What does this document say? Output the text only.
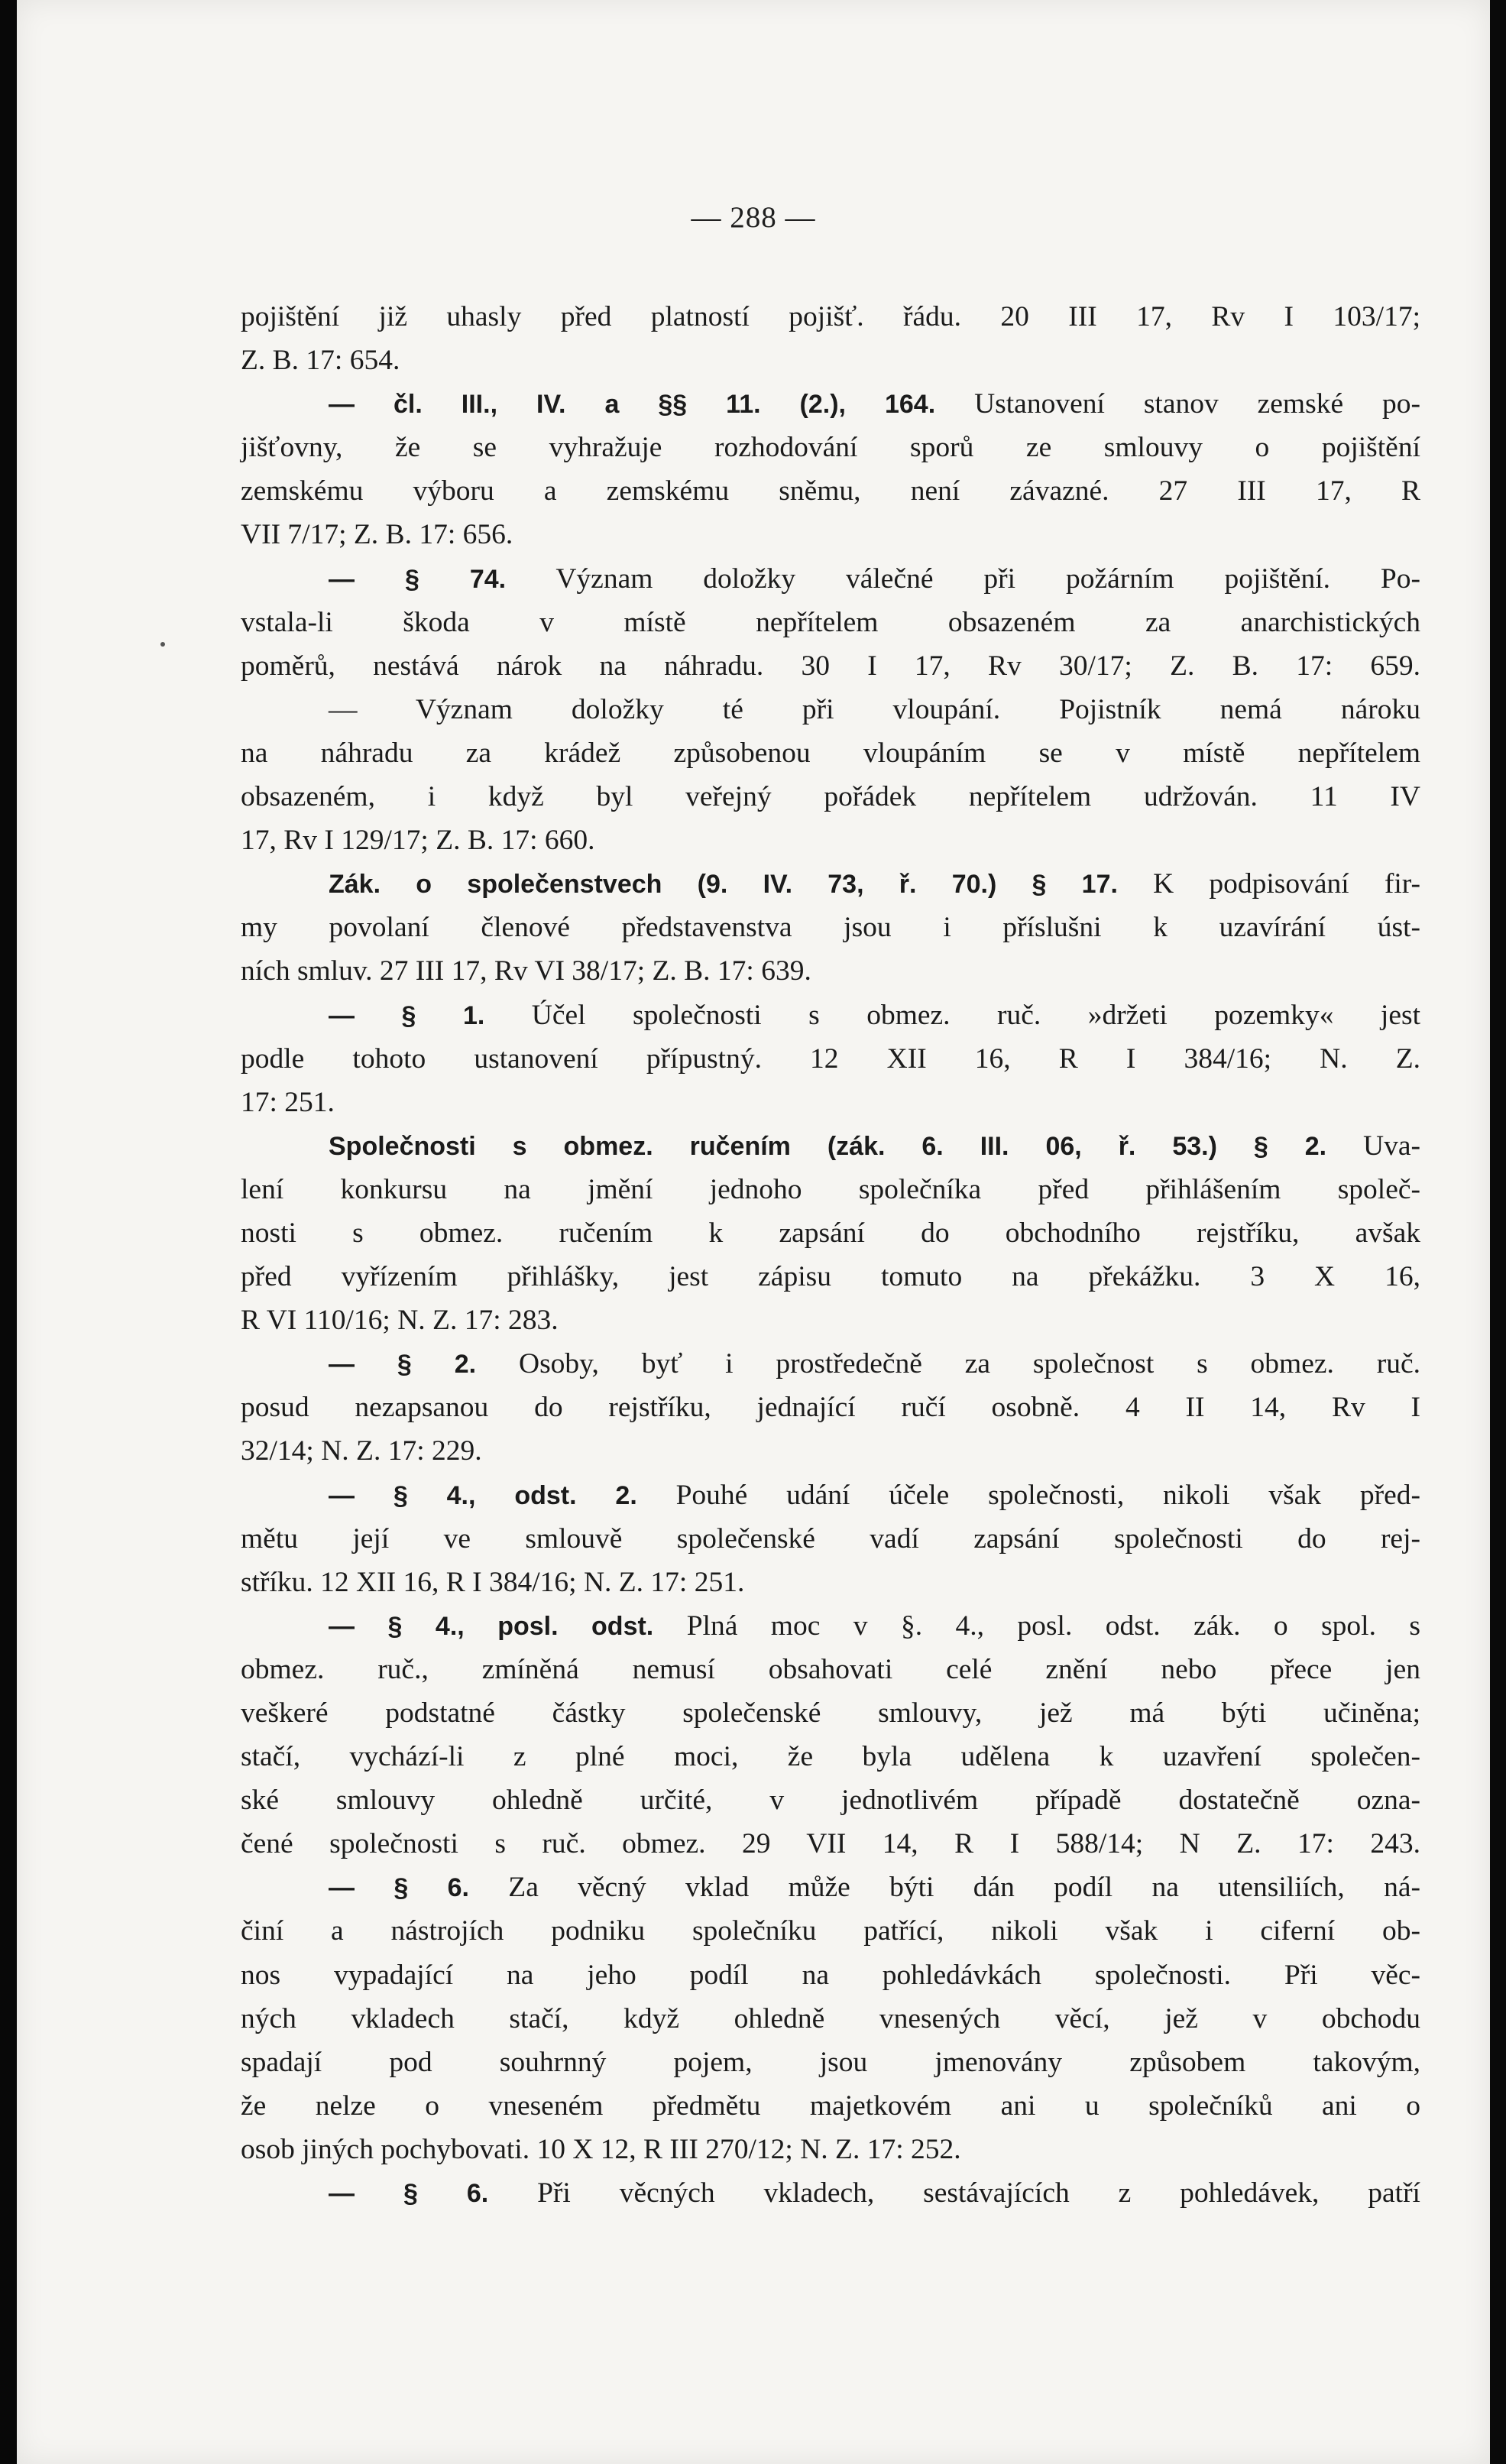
— 288 —
pojištění již uhasly před platností pojišť. řádu. 20 III 17, Rv I 103/17;
Z. B. 17: 654.
— čl. III., IV. a §§ 11. (2.), 164. Ustanovení stanov zemské po-
jišťovny, že se vyhražuje rozhodování sporů ze smlouvy o pojištění
zemskému výboru a zemskému sněmu, není závazné. 27 III 17, R
VII 7/17; Z. B. 17: 656.
— § 74. Význam doložky válečné při požárním pojištění. Po-
vstala-li škoda v místě nepřítelem obsazeném za anarchistických
poměrů, nestává nárok na náhradu. 30 I 17, Rv 30/17; Z. B. 17: 659.
— Význam doložky té při vloupání. Pojistník nemá nároku
na náhradu za krádež způsobenou vloupáním se v místě nepřítelem
obsazeném, i když byl veřejný pořádek nepřítelem udržován. 11 IV
17, Rv I 129/17; Z. B. 17: 660.
Zák. o společenstvech (9. IV. 73, ř. 70.) § 17. K podpisování fir-
my povolaní členové představenstva jsou i příslušni k uzavírání úst-
ních smluv. 27 III 17, Rv VI 38/17; Z. B. 17: 639.
— § 1. Účel společnosti s obmez. ruč. »držeti pozemky« jest
podle tohoto ustanovení přípustný. 12 XII 16, R I 384/16; N. Z.
17: 251.
Společnosti s obmez. ručením (zák. 6. III. 06, ř. 53.) § 2. Uva-
lení konkursu na jmění jednoho společníka před přihlášením společ-
nosti s obmez. ručením k zapsání do obchodního rejstříku, avšak
před vyřízením přihlášky, jest zápisu tomuto na překážku. 3 X 16,
R VI 110/16; N. Z. 17: 283.
— § 2. Osoby, byť i prostředečně za společnost s obmez. ruč.
posud nezapsanou do rejstříku, jednající ručí osobně. 4 II 14, Rv I
32/14; N. Z. 17: 229.
— § 4., odst. 2. Pouhé udání účele společnosti, nikoli však před-
mětu její ve smlouvě společenské vadí zapsání společnosti do rej-
stříku. 12 XII 16, R I 384/16; N. Z. 17: 251.
— § 4., posl. odst. Plná moc v §. 4., posl. odst. zák. o spol. s
obmez. ruč., zmíněná nemusí obsahovati celé znění nebo přece jen
veškeré podstatné částky společenské smlouvy, jež má býti učiněna;
stačí, vychází-li z plné moci, že byla udělena k uzavření společen-
ské smlouvy ohledně určité, v jednotlivém případě dostatečně ozna-
čené společnosti s ruč. obmez. 29 VII 14, R I 588/14; N Z. 17: 243.
— § 6. Za věcný vklad může býti dán podíl na utensiliích, ná-
činí a nástrojích podniku společníku patřící, nikoli však i ciferní ob-
nos vypadající na jeho podíl na pohledávkách společnosti. Při věc-
ných vkladech stačí, když ohledně vnesených věcí, jež v obchodu
spadají pod souhrnný pojem, jsou jmenovány způsobem takovým,
že nelze o vneseném předmětu majetkovém ani u společníků ani o
osob jiných pochybovati. 10 X 12, R III 270/12; N. Z. 17: 252.
— § 6. Při věcných vkladech, sestávajících z pohledávek, patří
